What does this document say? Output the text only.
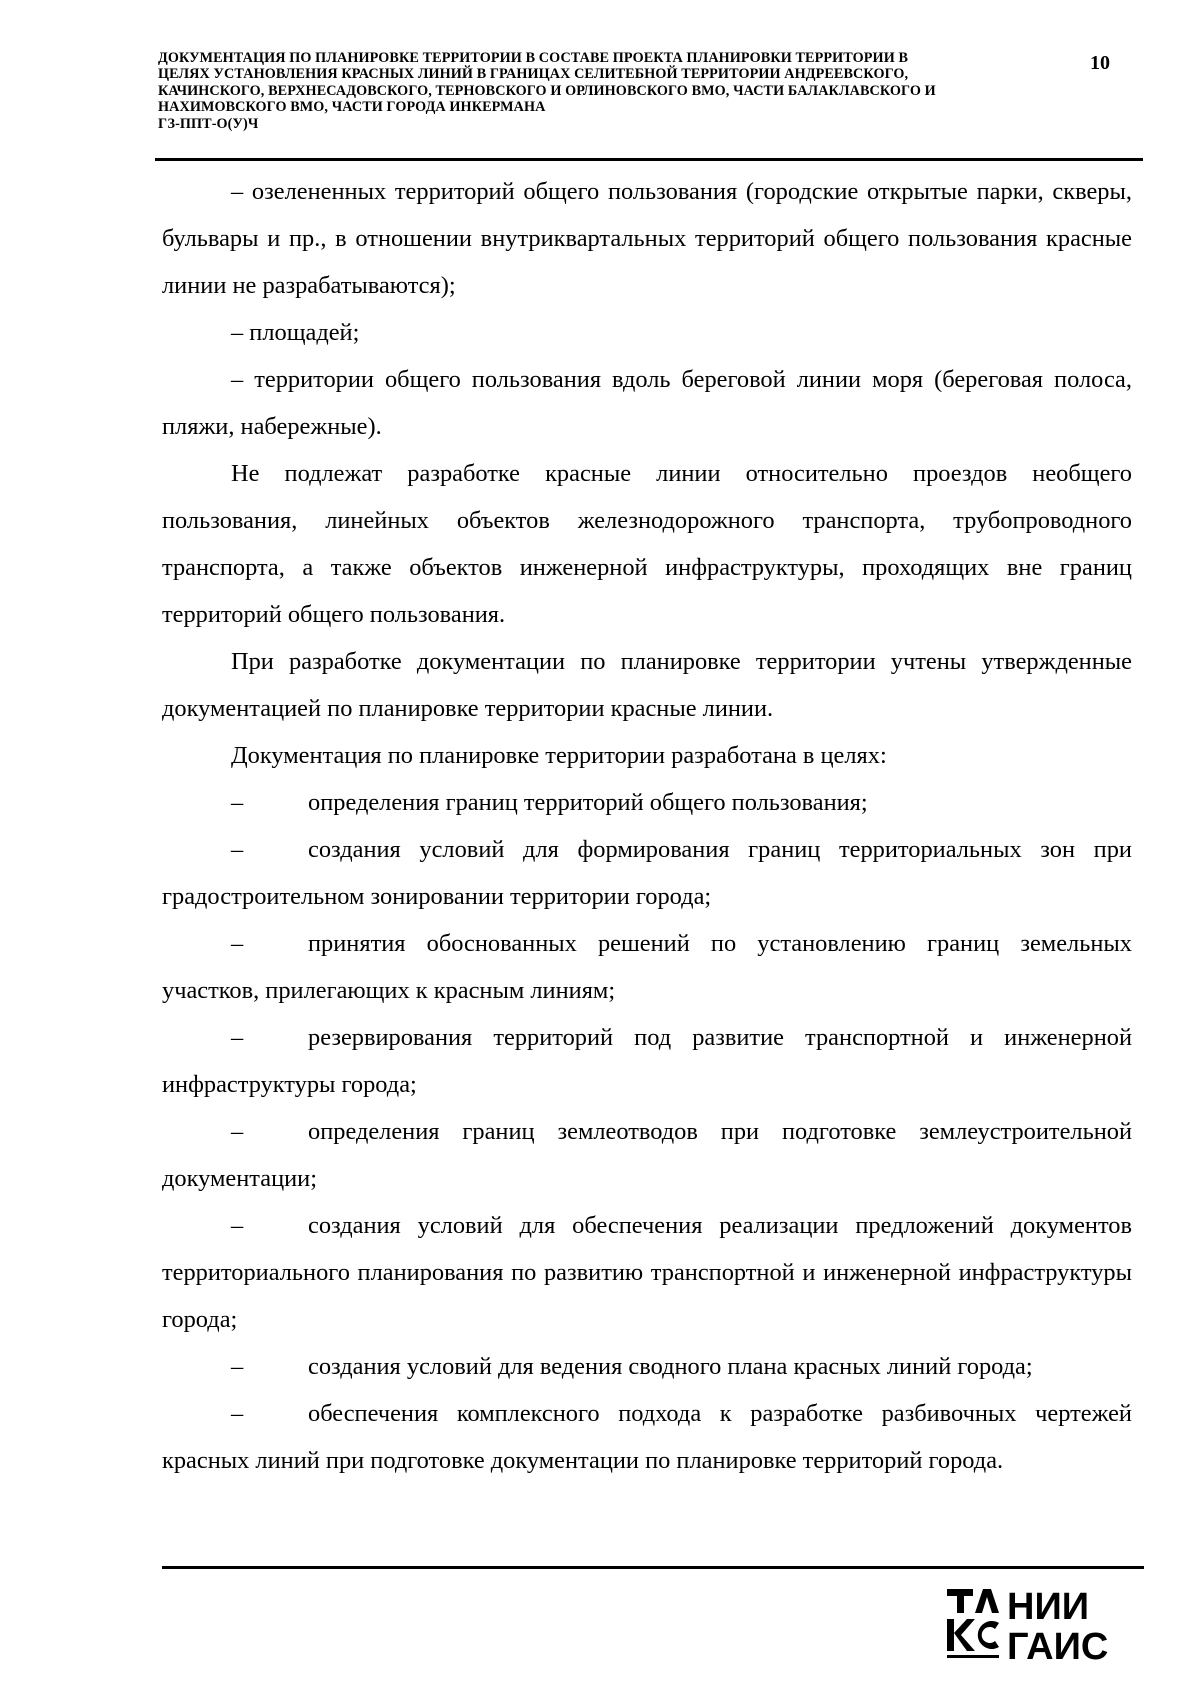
ДОКУМЕНТАЦИЯ ПО ПЛАНИРОВКЕ ТЕРРИТОРИИ В СОСТАВЕ ПРОЕКТА ПЛАНИРОВКИ ТЕРРИТОРИИ В
ЦЕЛЯХ УСТАНОВЛЕНИЯ КРАСНЫХ ЛИНИЙ В ГРАНИЦАХ СЕЛИТЕБНОЙ ТЕРРИТОРИИ АНДРЕЕВСКОГО,
КАЧИНСКОГО, ВЕРХНЕСАДОВСКОГО, ТЕРНОВСКОГО И ОРЛИНОВСКОГО ВМО, ЧАСТИ БАЛАКЛАВСКОГО И
НАХИМОВСКОГО ВМО, ЧАСТИ ГОРОДА ИНКЕРМАНА
ГЗ-ППТ-О(У)Ч
10

– озелененных территорий общего пользования (городские открытые парки, скверы, бульвары и пр., в отношении внутриквартальных территорий общего пользования красные линии не разрабатываются);

– площадей;

– территории общего пользования вдоль береговой линии моря (береговая полоса, пляжи, набережные).

Не подлежат разработке красные линии относительно проездов необщего пользования, линейных объектов железнодорожного транспорта, трубопроводного транспорта, а также объектов инженерной инфраструктуры, проходящих вне границ территорий общего пользования.

При разработке документации по планировке территории учтены утвержденные документацией по планировке территории красные линии.

Документация по планировке территории разработана в целях:

–	определения границ территорий общего пользования;
–	создания условий для формирования границ территориальных зон при градостроительном зонировании территории города;
–	принятия обоснованных решений по установлению границ земельных участков, прилегающих к красным линиям;
–	резервирования территорий под развитие транспортной и инженерной инфраструктуры города;
–	определения границ землеотводов при подготовке землеустроительной документации;
–	создания условий для обеспечения реализации предложений документов территориального планирования по развитию транспортной и инженерной инфраструктуры города;
–	создания условий для ведения сводного плана красных линий города;
–	обеспечения комплексного подхода к разработке разбивочных чертежей красных линий при подготовке документации по планировке территорий города.
НИИ
ГАИС
